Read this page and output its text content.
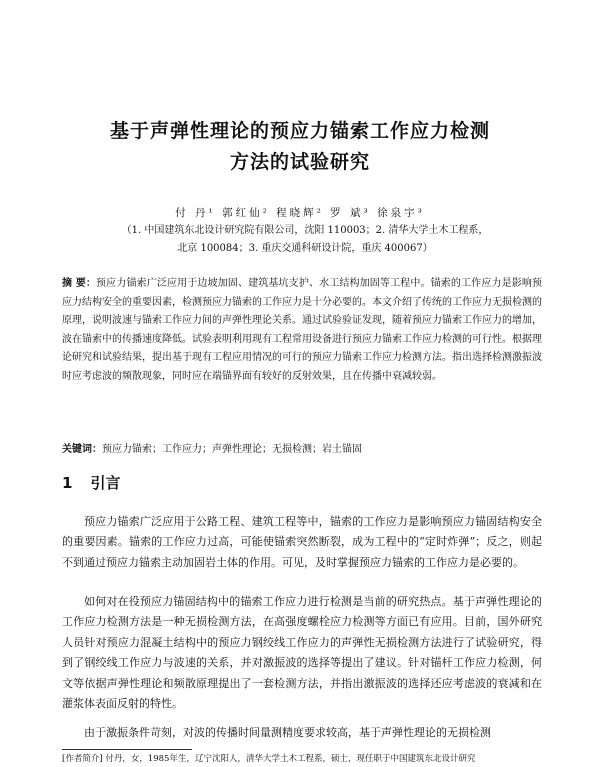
基于声弹性理论的预应力锚索工作应力检测
方法的试验研究
付 丹¹ 郭红仙² 程晓辉² 罗 斌³ 徐泉宇³
（1. 中国建筑东北设计研究院有限公司，沈阳 110003；2. 清华大学土木工程系，
北京 100084；3. 重庆交通科研设计院，重庆 400067）
摘 要：预应力锚索广泛应用于边坡加固、建筑基坑支护、水工结构加固等工程中。锚索的工作应力是影响预应力结构安全的重要因素，检测预应力锚索的工作应力是十分必要的。本文介绍了传统的工作应力无损检测的原理，说明波速与锚索工作应力间的声弹性理论关系。通过试验验证发现，随着预应力锚索工作应力的增加，波在锚索中的传播速度降低。试验表明利用现有工程常用设备进行预应力锚索工作应力检测的可行性。根据理论研究和试验结果，提出基于现有工程应用情况的可行的预应力锚索工作应力检测方法。指出选择检测激振波时应考虑波的频散现象，同时应在端锚界面有较好的反射效果，且在传播中衰减较弱。
关键词：预应力锚索；工作应力；声弹性理论；无损检测；岩土锚固
1 引言
预应力锚索广泛应用于公路工程、建筑工程等中，锚索的工作应力是影响预应力锚固结构安全的重要因素。锚索的工作应力过高，可能使锚索突然断裂，成为工程中的“定时炸弹”；反之，则起不到通过预应力锚索主动加固岩土体的作用。可见，及时掌握预应力锚索的工作应力是必要的。
如何对在役预应力锚固结构中的锚索工作应力进行检测是当前的研究热点。基于声弹性理论的工作应力检测方法是一种无损检测方法，在高强度螺栓应力检测等方面已有应用。目前，国外研究人员针对预应力混凝土结构中的预应力钢绞线工作应力的声弹性无损检测方法进行了试验研究，得到了钢绞线工作应力与波速的关系，并对激振波的选择等提出了建议。针对锚杆工作应力检测，何文等依据声弹性理论和频散原理提出了一套检测方法，并指出激振波的选择还应考虑波的衰减和在灌浆体表面反射的特性。
由于激振条件苛刻，对波的传播时间量测精度要求较高，基于声弹性理论的无损检测
[作者简介] 付丹，女，1985年生，辽宁沈阳人，清华大学土木工程系，硕士，现任职于中国建筑东北设计研究
